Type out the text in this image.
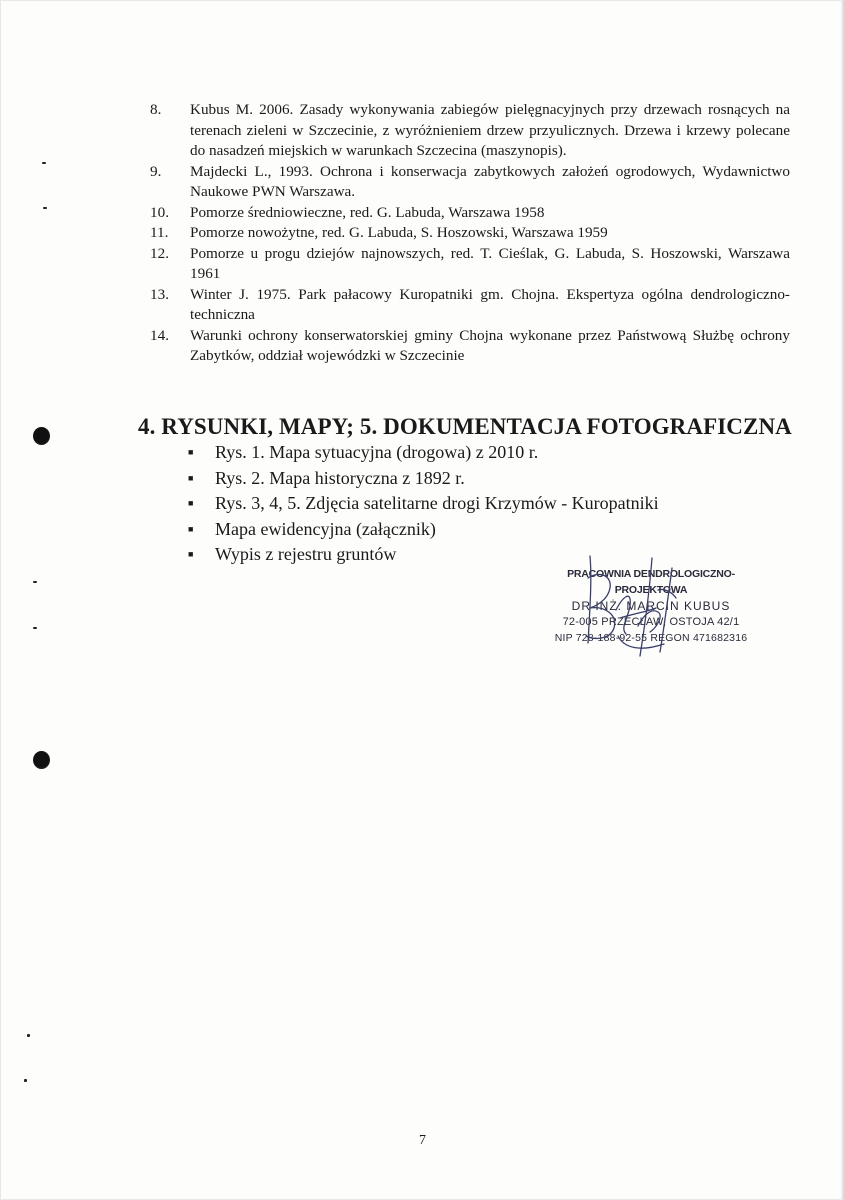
8.	Kubus M. 2006. Zasady wykonywania zabiegów pielęgnacyjnych przy drzewach rosnących na terenach zieleni w Szczecinie, z wyróżnieniem drzew przyulicznych. Drzewa i krzewy polecane do nasadzeń miejskich w warunkach Szczecina (maszynopis).
9.	Majdecki L., 1993. Ochrona i konserwacja zabytkowych założeń ogrodowych, Wydawnictwo Naukowe PWN Warszawa.
10.	Pomorze średniowieczne, red. G. Labuda, Warszawa 1958
11.	Pomorze nowożytne, red. G. Labuda, S. Hoszowski, Warszawa 1959
12.	Pomorze u progu dziejów najnowszych, red. T. Cieślak, G. Labuda, S. Hoszowski, Warszawa 1961
13.	Winter J. 1975. Park pałacowy Kuropatniki gm. Chojna. Ekspertyza ogólna dendrologiczno-techniczna
14.	Warunki ochrony konserwatorskiej gminy Chojna wykonane przez Państwową Służbę ochrony Zabytków, oddział wojewódzki w Szczecinie
4. RYSUNKI, MAPY; 5. DOKUMENTACJA FOTOGRAFICZNA
■	Rys. 1. Mapa sytuacyjna (drogowa) z 2010 r.
■	Rys. 2. Mapa historyczna z 1892 r.
■	Rys. 3, 4, 5. Zdjęcia satelitarne drogi Krzymów - Kuropatniki
■	Mapa ewidencyjna (załącznik)
■	Wypis z rejestru gruntów
PRACOWNIA DENDROLOGICZNO-PROJEKTOWA
DR INŻ. MARCIN KUBUS
72-005 PRZECŁAW, OSTOJA 42/1
NIP 728-188-92-55 REGON 471682316
7
